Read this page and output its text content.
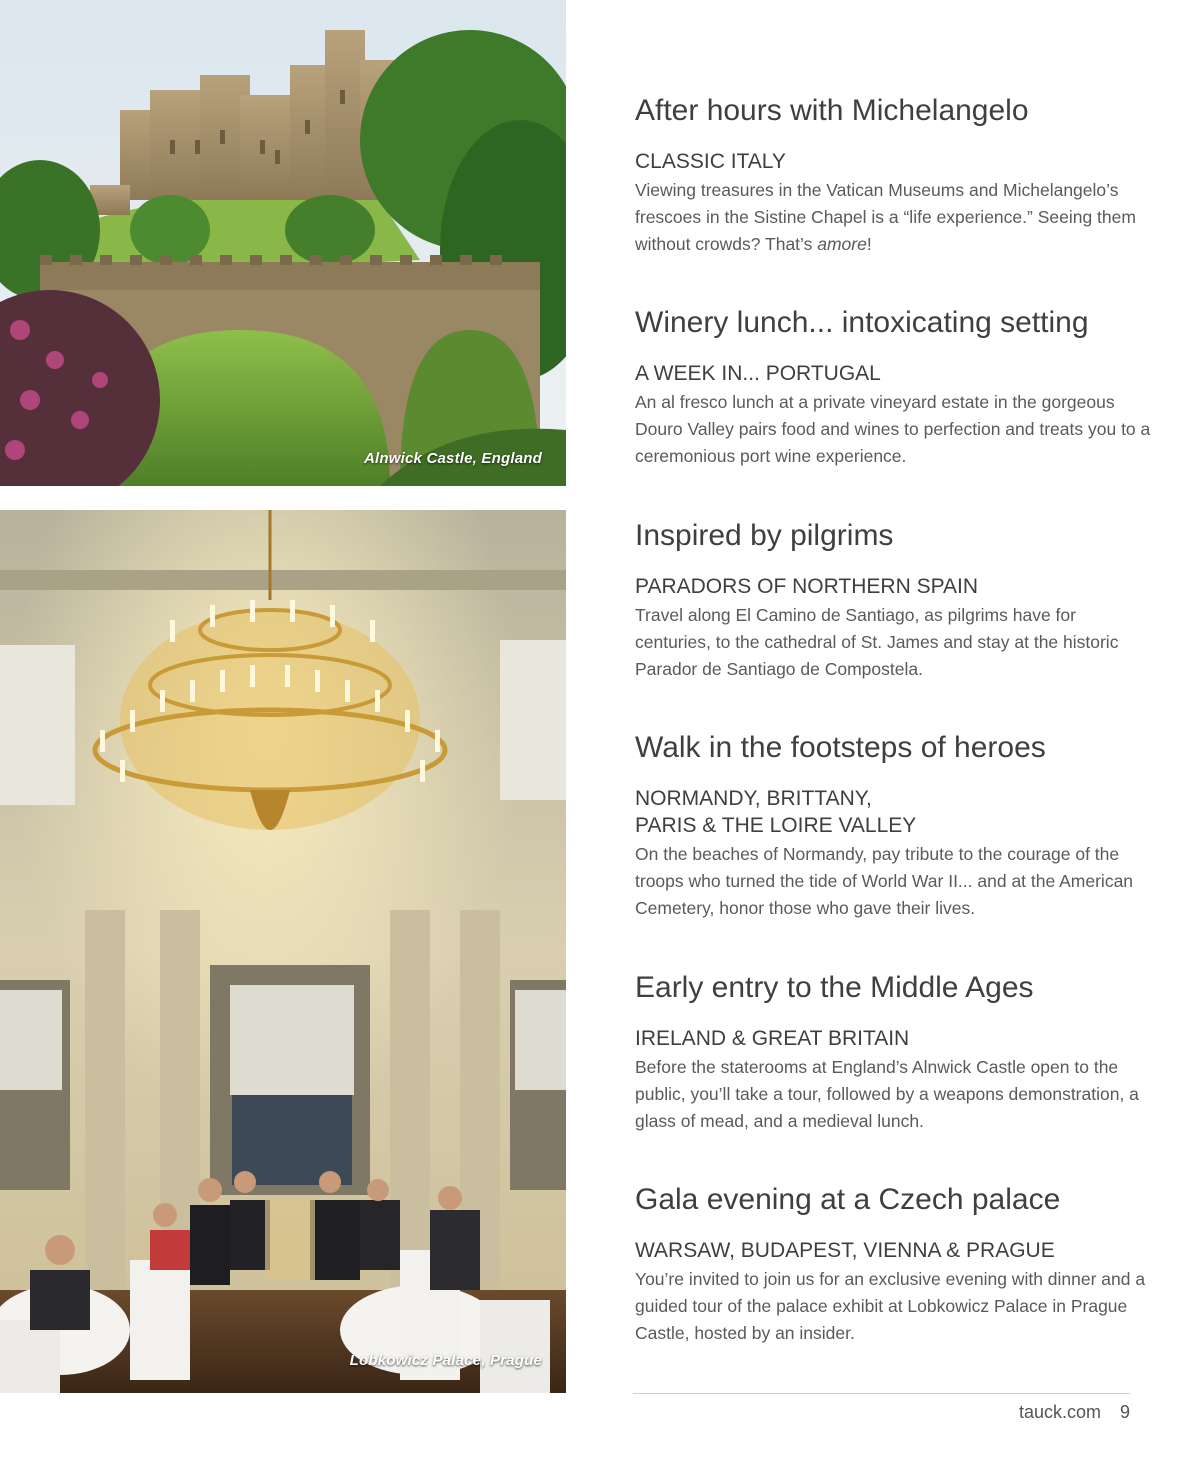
Alnwick Castle, England
Lobkowicz Palace, Prague
After hours with Michelangelo

CLASSIC ITALY

Viewing treasures in the Vatican Museums and Michelangelo’s frescoes in the Sistine Chapel is a “life experience.” Seeing them without crowds? That’s amore!

Winery lunch... intoxicating setting

A WEEK IN... PORTUGAL

An al fresco lunch at a private vineyard estate in the gorgeous Douro Valley pairs food and wines to perfection and treats you to a ceremonious port wine experience.

Inspired by pilgrims

PARADORS OF NORTHERN SPAIN

Travel along El Camino de Santiago, as pilgrims have for centuries, to the cathedral of St. James and stay at the historic Parador de Santiago de Compostela.

Walk in the footsteps of heroes

NORMANDY, BRITTANY,
PARIS & THE LOIRE VALLEY

On the beaches of Normandy, pay tribute to the courage of the troops who turned the tide of World War II... and at the American Cemetery, honor those who gave their lives.

Early entry to the Middle Ages

IRELAND & GREAT BRITAIN

Before the staterooms at England’s Alnwick Castle open to the public, you’ll take a tour, followed by a weapons demonstration, a glass of mead, and a medieval lunch.

Gala evening at a Czech palace

WARSAW, BUDAPEST, VIENNA & PRAGUE

You’re invited to join us for an exclusive evening with dinner and a guided tour of the palace exhibit at Lobkowicz Palace in Prague Castle, hosted by an insider.

tauck.com 9
